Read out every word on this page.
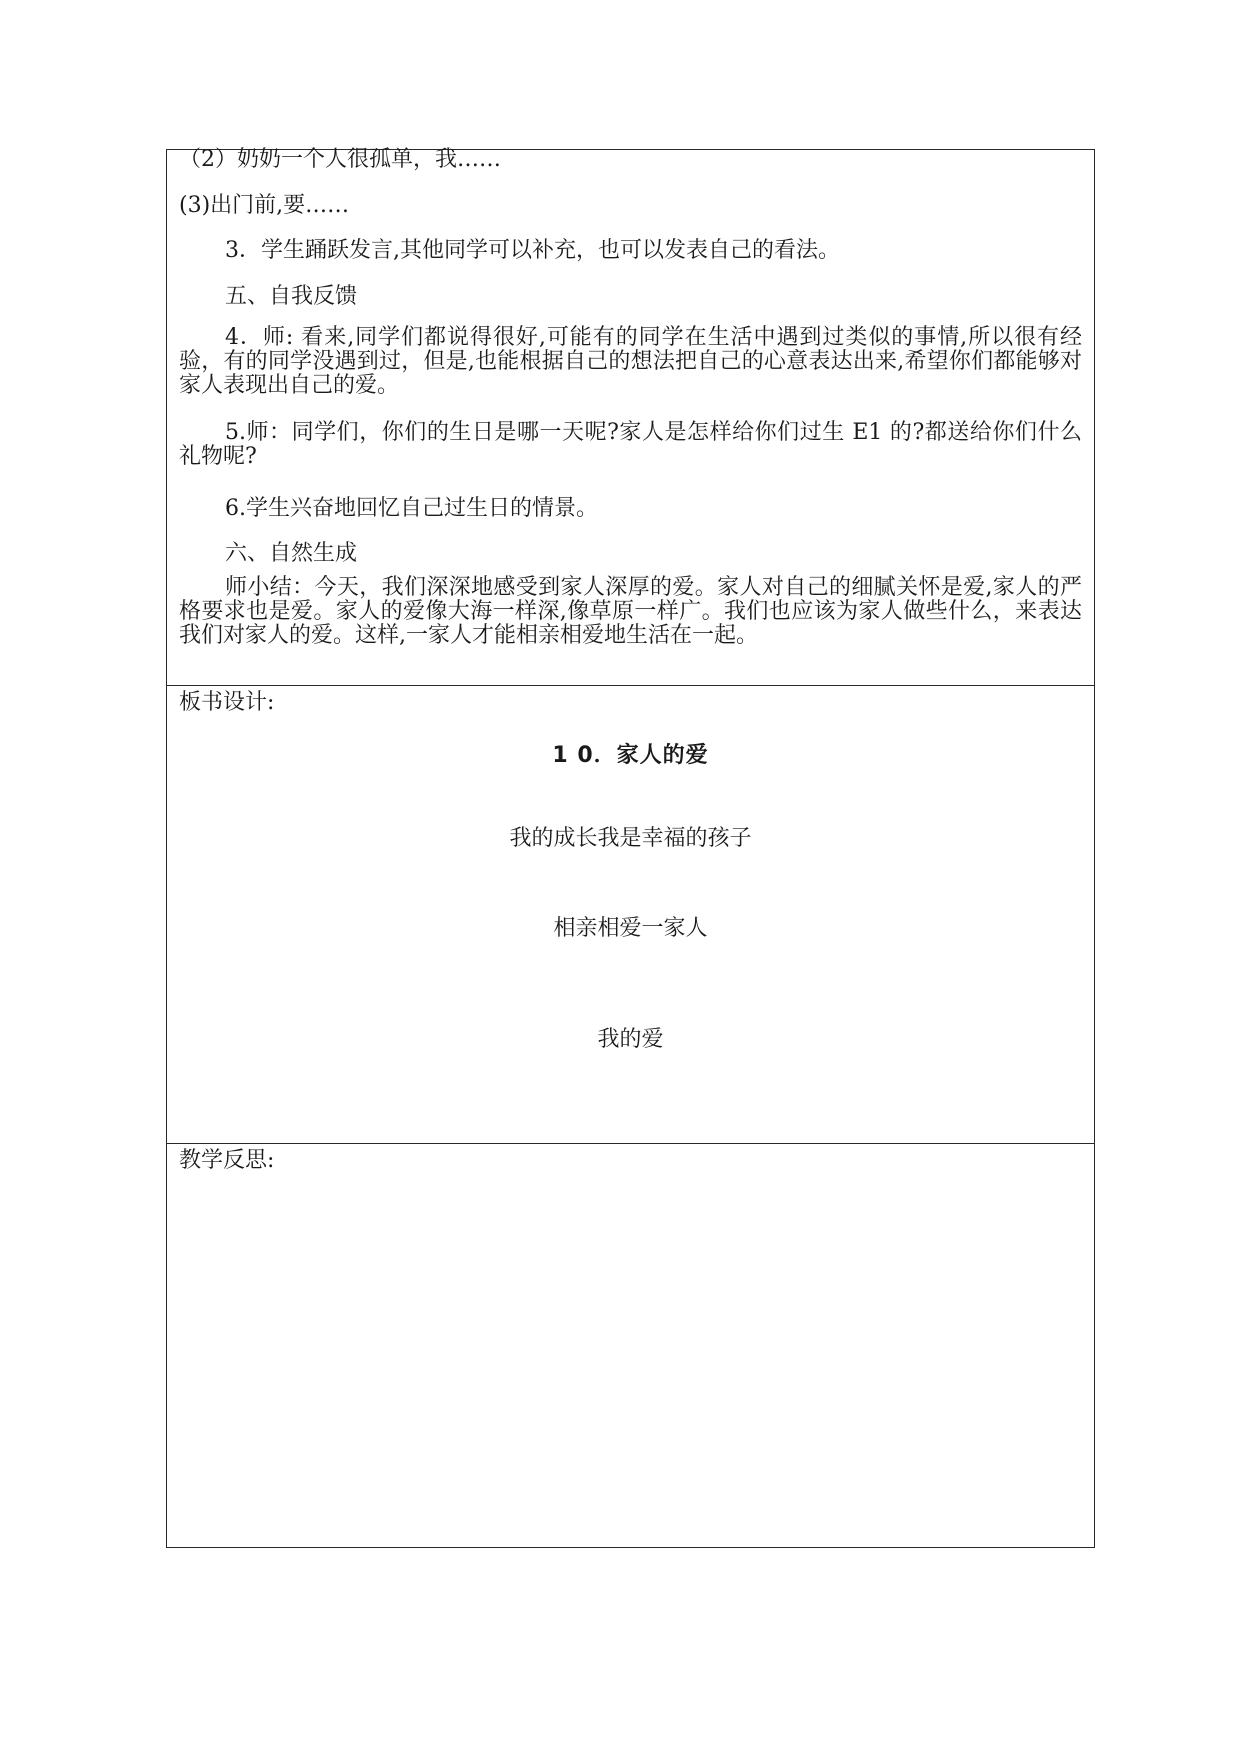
（2）奶奶一个人很孤单，我……

(3)出门前,要……

3．学生踊跃发言,其他同学可以补充，也可以发表自己的看法。

五、自我反馈

4．师: 看来,同学们都说得很好,可能有的同学在生活中遇到过类似的事情,所以很有经验，有的同学没遇到过，但是,也能根据自己的想法把自己的心意表达出来,希望你们都能够对家人表现出自己的爱。

5.师：同学们，你们的生日是哪一天呢?家人是怎样给你们过生 E1 的?都送给你们什么礼物呢?

6.学生兴奋地回忆自己过生日的情景。

六、自然生成

师小结：今天，我们深深地感受到家人深厚的爱。家人对自己的细腻关怀是爱,家人的严格要求也是爱。家人的爱像大海一样深,像草原一样广。我们也应该为家人做些什么，来表达我们对家人的爱。这样,一家人才能相亲相爱地生活在一起。

板书设计:
1 0．家人的爱
我的成长我是幸福的孩子
相亲相爱一家人
我的爱
教学反思:
